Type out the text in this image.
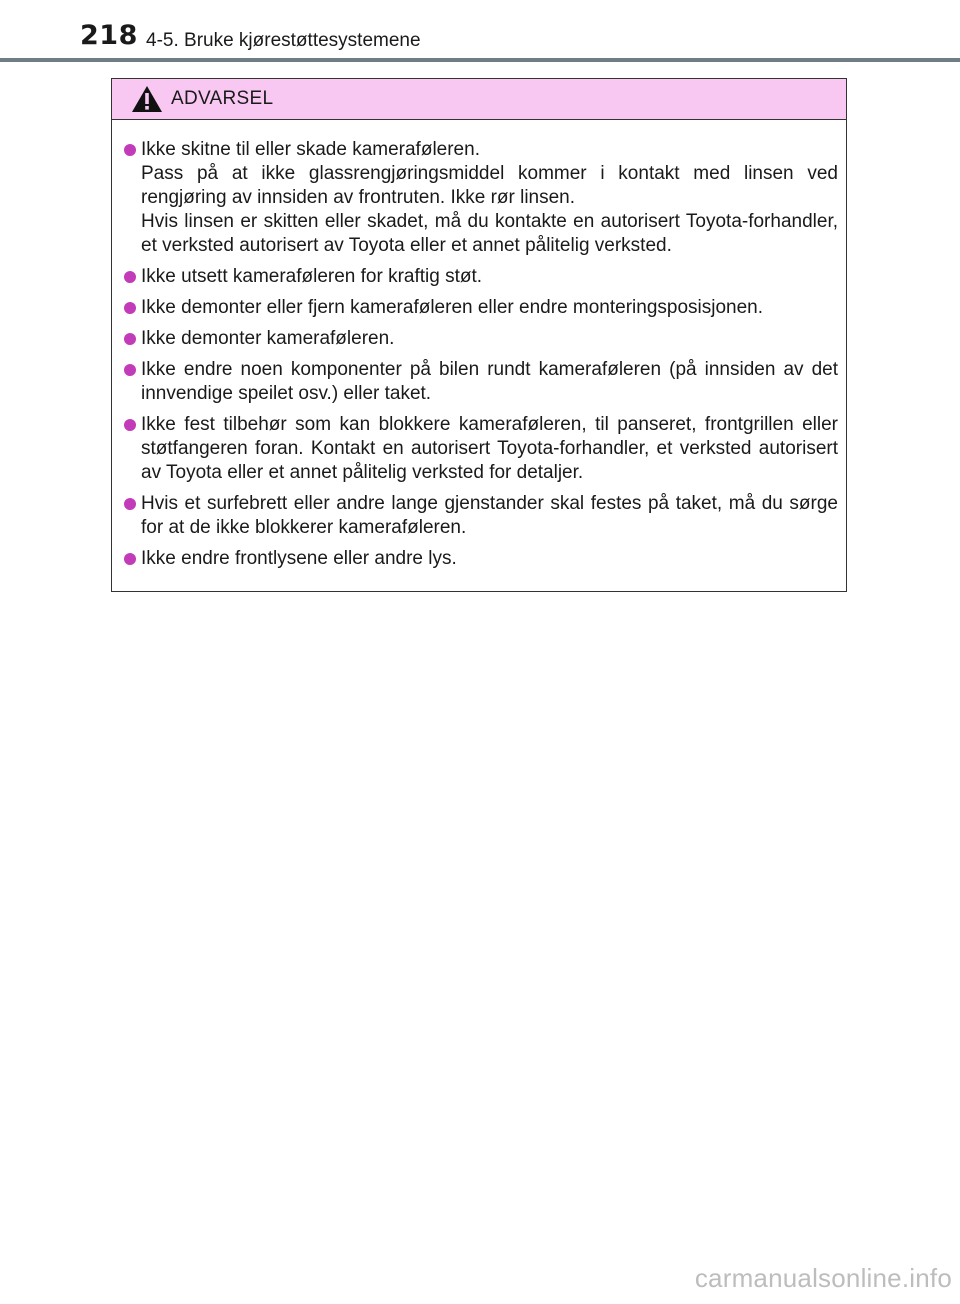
218 4-5. Bruke kjørestøttesystemene
ADVARSEL

Ikke skitne til eller skade kameraføleren.

Pass på at ikke glassrengjøringsmiddel kommer i kontakt med linsen ved rengjøring av innsiden av frontruten. Ikke rør linsen.

Hvis linsen er skitten eller skadet, må du kontakte en autorisert Toyota-forhandler, et verksted autorisert av Toyota eller et annet pålitelig verksted.

Ikke utsett kameraføleren for kraftig støt.

Ikke demonter eller fjern kameraføleren eller endre monteringsposisjonen.

Ikke demonter kameraføleren.

Ikke endre noen komponenter på bilen rundt kameraføleren (på innsiden av det innvendige speilet osv.) eller taket.

Ikke fest tilbehør som kan blokkere kameraføleren, til panseret, frontgrillen eller støtfangeren foran. Kontakt en autorisert Toyota-forhandler, et verksted autorisert av Toyota eller et annet pålitelig verksted for detaljer.

Hvis et surfebrett eller andre lange gjenstander skal festes på taket, må du sørge for at de ikke blokkerer kameraføleren.

Ikke endre frontlysene eller andre lys.

carmanualsonline.info
